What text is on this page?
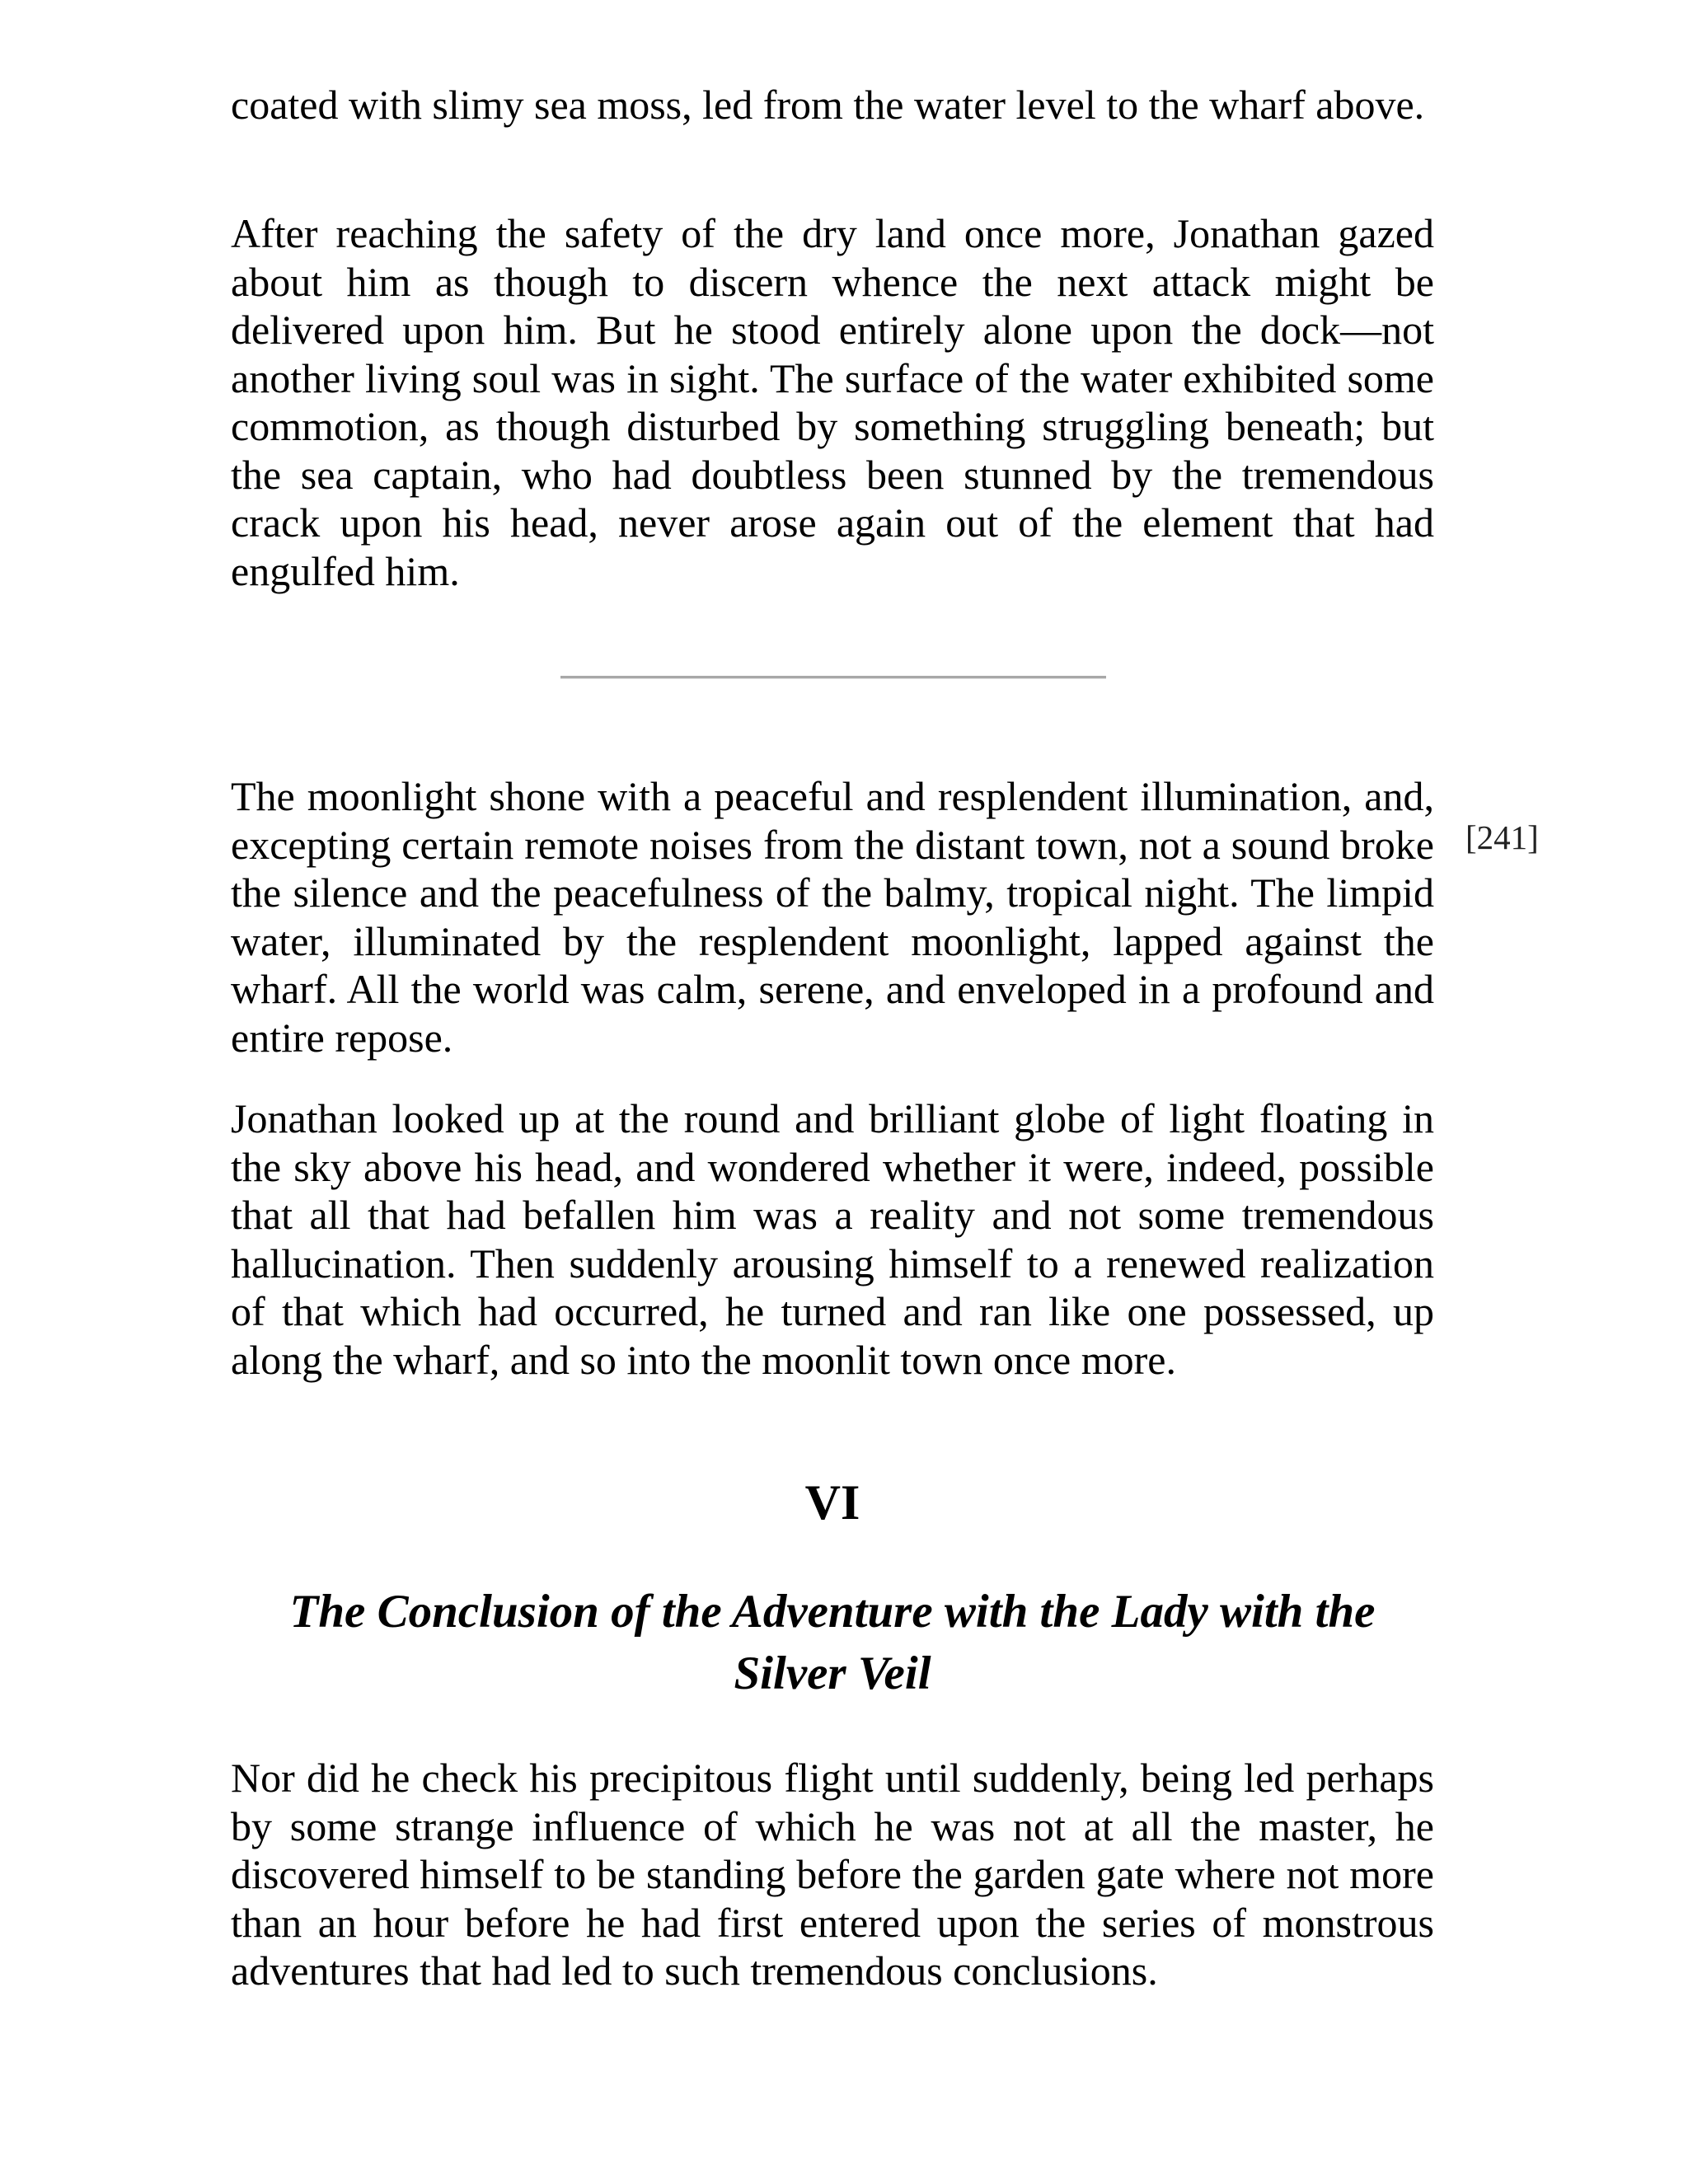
coated with slimy sea moss, led from the water level to the wharf above.

After reaching the safety of the dry land once more, Jonathan gazed about him as though to discern whence the next attack might be delivered upon him. But he stood entirely alone upon the dock—not another living soul was in sight. The surface of the water exhibited some commotion, as though disturbed by something struggling beneath; but the sea captain, who had doubtless been stunned by the tremendous crack upon his head, never arose again out of the element that had engulfed him.

The moonlight shone with a peaceful and resplendent illumination, and, excepting certain remote noises from the distant town, not a sound broke the silence and the peacefulness of the balmy, tropical night. The limpid water, illuminated by the resplendent moonlight, lapped against the wharf. All the world was calm, serene, and enveloped in a profound and entire repose.

[241]

Jonathan looked up at the round and brilliant globe of light floating in the sky above his head, and wondered whether it were, indeed, possible that all that had befallen him was a reality and not some tremendous hallucination. Then suddenly arousing himself to a renewed realization of that which had occurred, he turned and ran like one possessed, up along the wharf, and so into the moonlit town once more.

VI
The Conclusion of the Adventure with the Lady with the Silver Veil

Nor did he check his precipitous flight until suddenly, being led perhaps by some strange influence of which he was not at all the master, he discovered himself to be standing before the garden gate where not more than an hour before he had first entered upon the series of monstrous adventures that had led to such tremendous conclusions.
